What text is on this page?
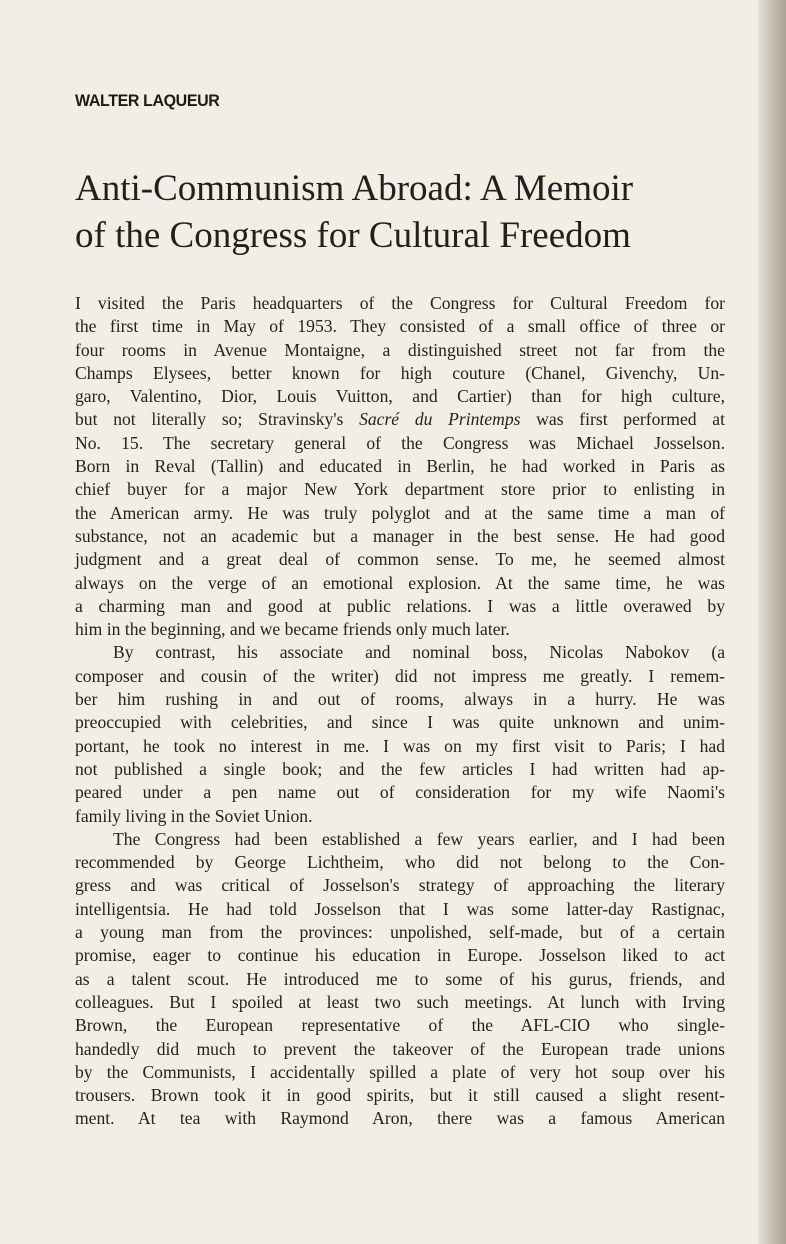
WALTER LAQUEUR
Anti-Communism Abroad: A Memoir
of the Congress for Cultural Freedom
I visited the Paris headquarters of the Congress for Cultural Freedom for
the first time in May of 1953. They consisted of a small office of three or
four rooms in Avenue Montaigne, a distinguished street not far from the
Champs Elysees, better known for high couture (Chanel, Givenchy, Un-
garo, Valentino, Dior, Louis Vuitton, and Cartier) than for high culture,
but not literally so; Stravinsky's Sacré du Printemps was first performed at
No. 15. The secretary general of the Congress was Michael Josselson.
Born in Reval (Tallin) and educated in Berlin, he had worked in Paris as
chief buyer for a major New York department store prior to enlisting in
the American army. He was truly polyglot and at the same time a man of
substance, not an academic but a manager in the best sense. He had good
judgment and a great deal of common sense. To me, he seemed almost
always on the verge of an emotional explosion. At the same time, he was
a charming man and good at public relations. I was a little overawed by
him in the beginning, and we became friends only much later.
By contrast, his associate and nominal boss, Nicolas Nabokov (a
composer and cousin of the writer) did not impress me greatly. I remem-
ber him rushing in and out of rooms, always in a hurry. He was
preoccupied with celebrities, and since I was quite unknown and unim-
portant, he took no interest in me. I was on my first visit to Paris; I had
not published a single book; and the few articles I had written had ap-
peared under a pen name out of consideration for my wife Naomi's
family living in the Soviet Union.
The Congress had been established a few years earlier, and I had been
recommended by George Lichtheim, who did not belong to the Con-
gress and was critical of Josselson's strategy of approaching the literary
intelligentsia. He had told Josselson that I was some latter-day Rastignac,
a young man from the provinces: unpolished, self-made, but of a certain
promise, eager to continue his education in Europe. Josselson liked to act
as a talent scout. He introduced me to some of his gurus, friends, and
colleagues. But I spoiled at least two such meetings. At lunch with Irving
Brown, the European representative of the AFL-CIO who single-
handedly did much to prevent the takeover of the European trade unions
by the Communists, I accidentally spilled a plate of very hot soup over his
trousers. Brown took it in good spirits, but it still caused a slight resent-
ment. At tea with Raymond Aron, there was a famous American
